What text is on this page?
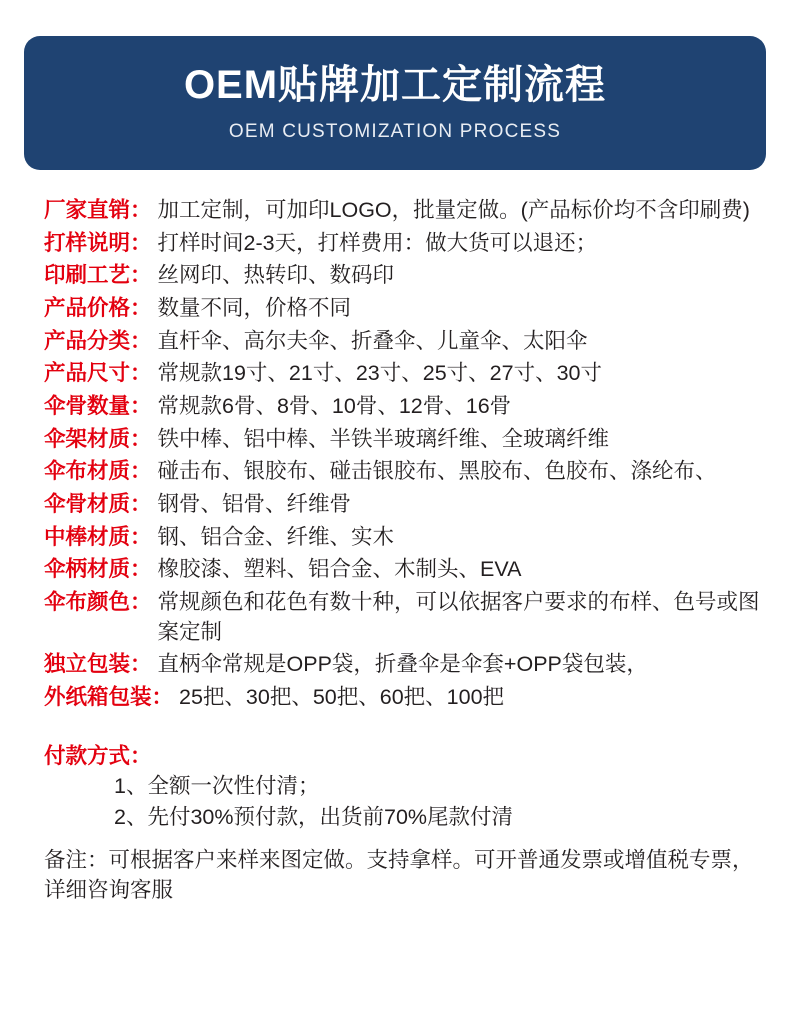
OEM贴牌加工定制流程
OEM CUSTOMIZATION PROCESS
厂家直销： 加工定制，可加印LOGO，批量定做。(产品标价均不含印刷费)
打样说明： 打样时间2-3天，打样费用：做大货可以退还；
印刷工艺： 丝网印、热转印、数码印
产品价格： 数量不同，价格不同
产品分类： 直杆伞、高尔夫伞、折叠伞、儿童伞、太阳伞
产品尺寸： 常规款19寸、21寸、23寸、25寸、27寸、30寸
伞骨数量： 常规款6骨、8骨、10骨、12骨、16骨
伞架材质： 铁中棒、铝中棒、半铁半玻璃纤维、全玻璃纤维
伞布材质： 碰击布、银胶布、碰击银胶布、黑胶布、色胶布、涤纶布、
伞骨材质： 钢骨、铝骨、纤维骨
中棒材质： 钢、铝合金、纤维、实木
伞柄材质： 橡胶漆、塑料、铝合金、木制头、EVA
伞布颜色： 常规颜色和花色有数十种，可以依据客户要求的布样、色号或图案定制
独立包装： 直柄伞常规是OPP袋，折叠伞是伞套+OPP袋包装，
外纸箱包装： 25把、30把、50把、60把、100把
付款方式：
1、全额一次性付清；
2、先付30%预付款，出货前70%尾款付清
备注：可根据客户来样来图定做。支持拿样。可开普通发票或增值税专票，详细咨询客服
